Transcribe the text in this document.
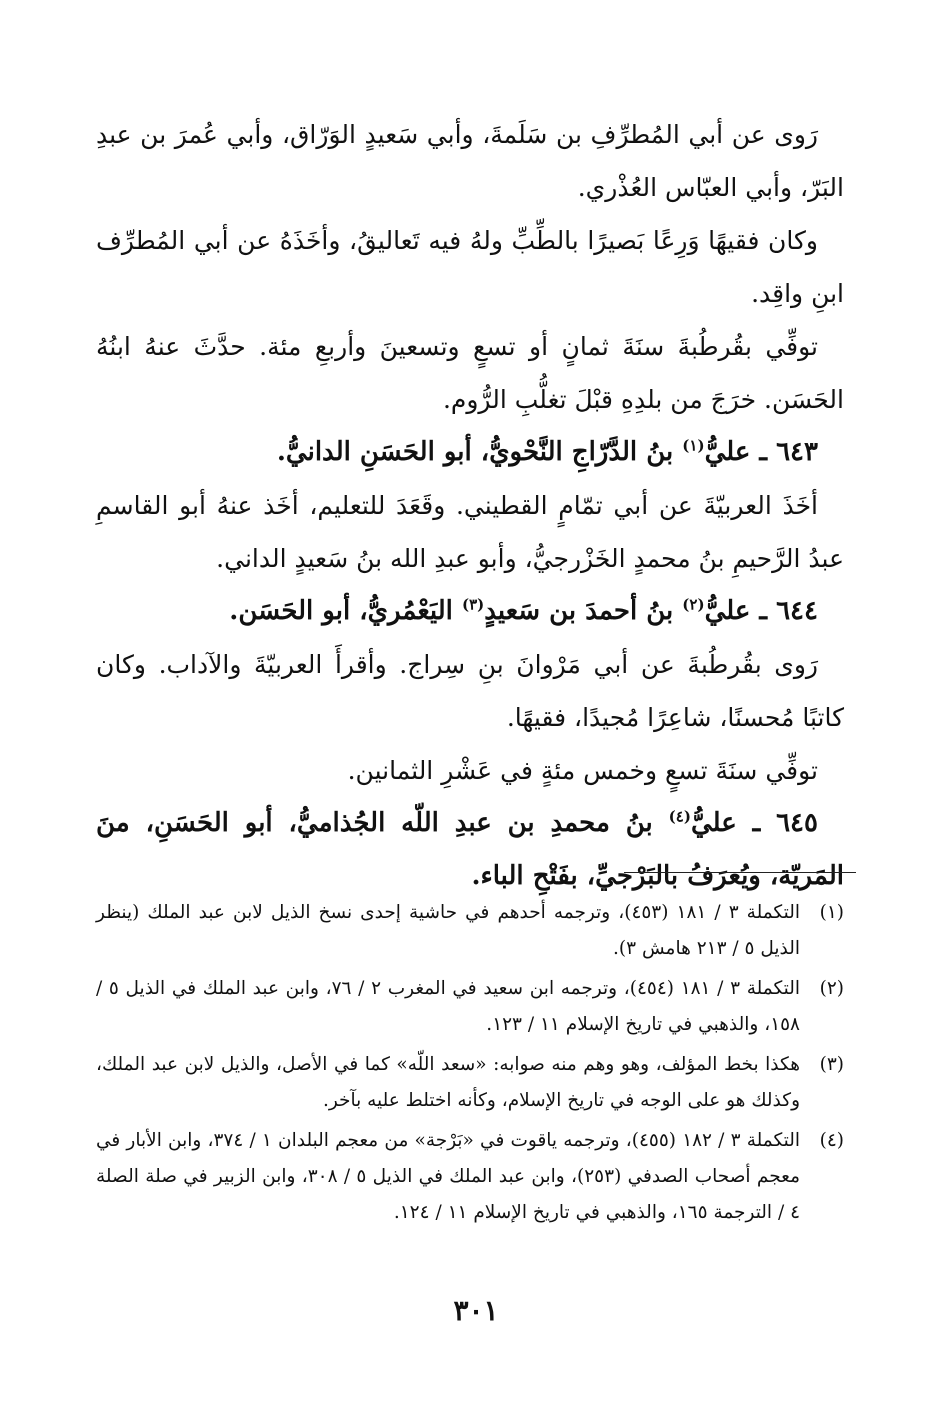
رَوى عن أبي المُطرِّفِ بن سَلَمةَ، وأبي سَعيدٍ الوَرّاق، وأبي عُمرَ بن عبدِ البَرّ، وأبي العبّاس العُذْري.

وكان فقيهًا وَرِعًا بَصيرًا بالطِّبِّ ولهُ فيه تَعاليقُ، وأخَذَهُ عن أبي المُطرِّف ابنِ واقِد.

توفِّي بقُرطُبةَ سنَةَ ثمانٍ أو تسعٍ وتسعينَ وأربعِ مئة. حدَّثَ عنهُ ابنُهُ الحَسَن. خرَجَ من بلدِهِ قبْلَ تغلُّبِ الرُّوم.

٦٤٣ ـ عليُّ$^{(١)}$ بنُ الدَّرّاجِ النَّحْويُّ، أبو الحَسَنِ الدانيُّ.

أخَذَ العربيّةَ عن أبي تمّامٍ القطيني. وقَعَدَ للتعليم، أخَذ عنهُ أبو القاسمِ عبدُ الرَّحيمِ بنُ محمدٍ الخَزْرجيُّ، وأبو عبدِ الله بنُ سَعيدٍ الداني.

٦٤٤ ـ عليُّ$^{(٢)}$ بنُ أحمدَ بن سَعيدٍ$^{(٣)}$ اليَعْمُريُّ، أبو الحَسَن.

رَوى بقُرطُبةَ عن أبي مَرْوانَ بنِ سِراج. وأقرأَ العربيّةَ والآداب. وكان كاتبًا مُحسنًا، شاعِرًا مُجيدًا، فقيهًا.

توفِّي سنَةَ تسعٍ وخمس مئةٍ في عَشْرِ الثمانين.

٦٤٥ ـ عليُّ$^{(٤)}$ بنُ محمدِ بن عبدِ اللّه الجُذاميُّ، أبو الحَسَنِ، منَ المَريّة، ويُعرَفُ بالبَرْجيِّ، بفَتْحِ الباء.

(١)
التكملة ٣ / ١٨١ (٤٥٣)، وترجمه أحدهم في حاشية إحدى نسخ الذيل لابن عبد الملك (ينظر الذيل ٥ / ٢١٣ هامش ٣).
(٢)
التكملة ٣ / ١٨١ (٤٥٤)، وترجمه ابن سعيد في المغرب ٢ / ٧٦، وابن عبد الملك في الذيل ٥ / ١٥٨، والذهبي في تاريخ الإسلام ١١ / ١٢٣.
(٣)
هكذا بخط المؤلف، وهو وهم منه صوابه: «سعد اللّه» كما في الأصل، والذيل لابن عبد الملك، وكذلك هو على الوجه في تاريخ الإسلام، وكأنه اختلط عليه بآخر.
(٤)
التكملة ٣ / ١٨٢ (٤٥٥)، وترجمه ياقوت في «بَرْجة» من معجم البلدان ١ / ٣٧٤، وابن الأبار في معجم أصحاب الصدفي (٢٥٣)، وابن عبد الملك في الذيل ٥ / ٣٠٨، وابن الزبير في صلة الصلة ٤ / الترجمة ١٦٥، والذهبي في تاريخ الإسلام ١١ / ١٢٤.
٣٠١
